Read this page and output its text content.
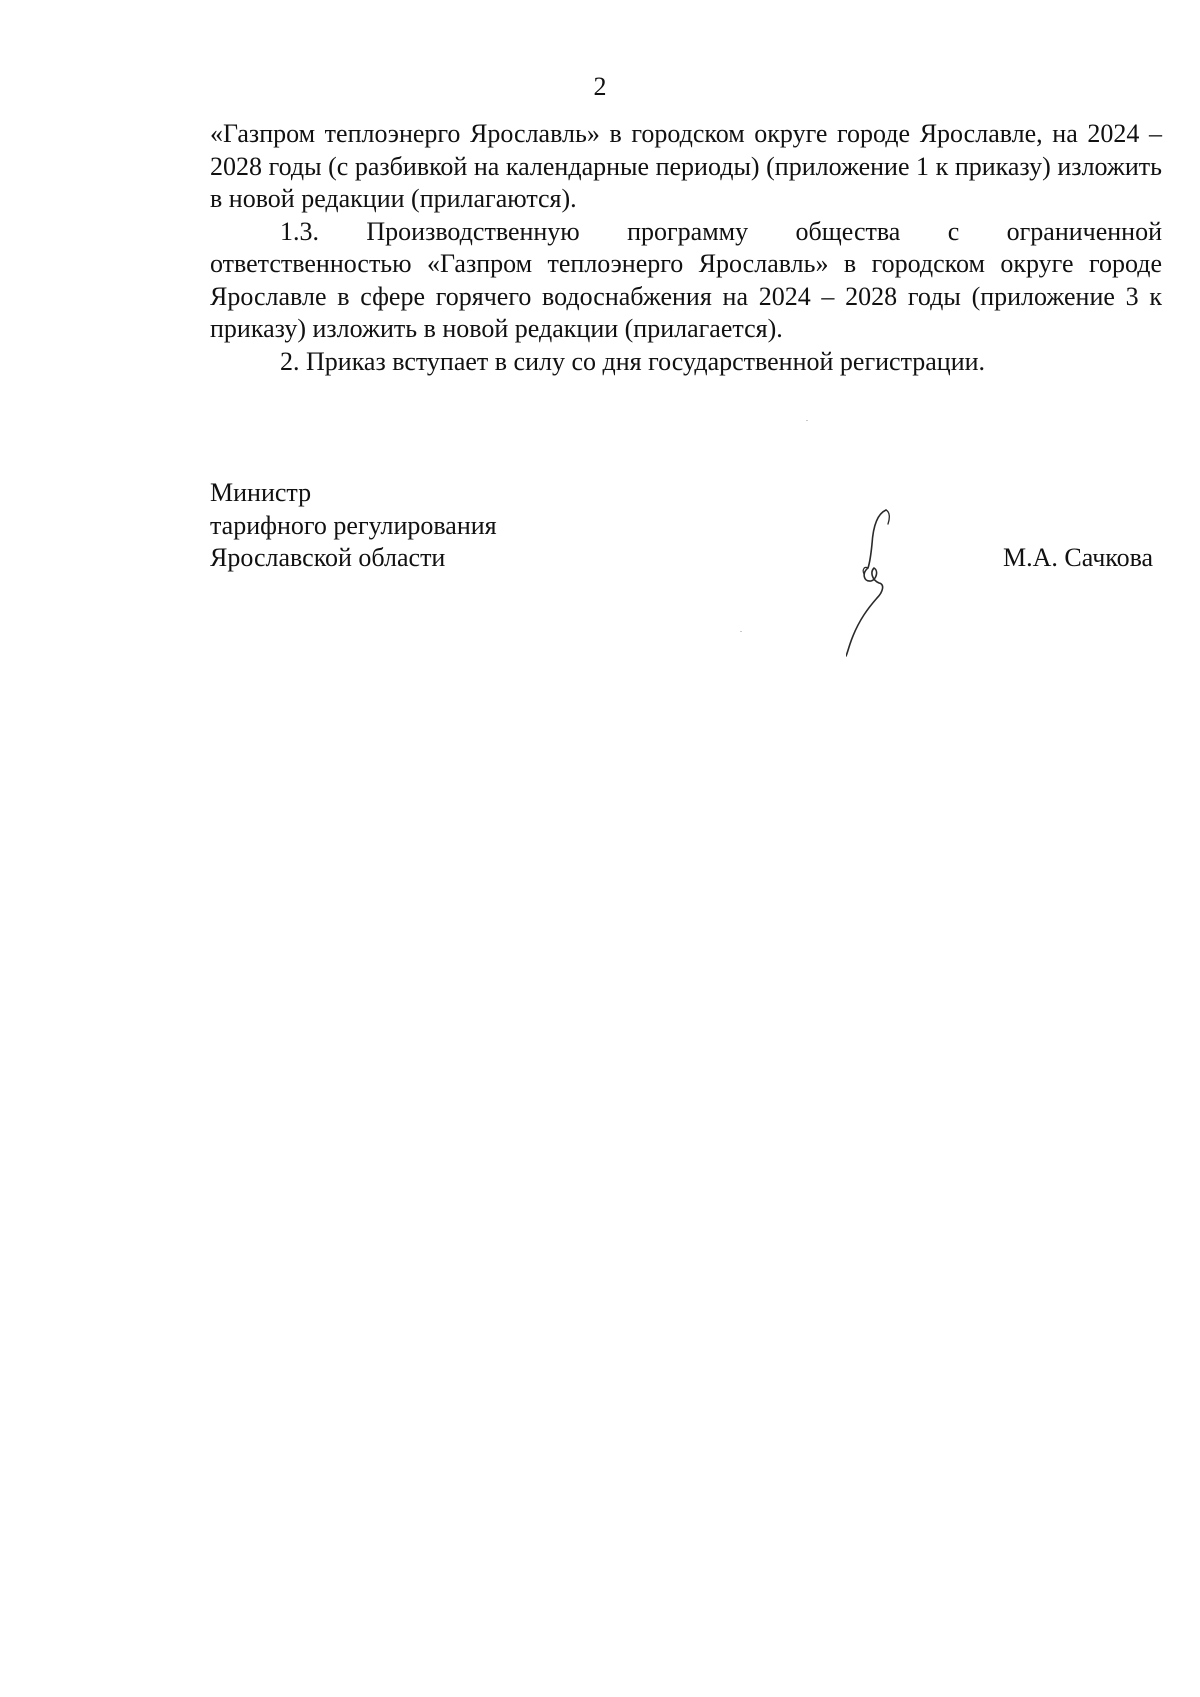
2

«Газпром теплоэнерго Ярославль» в городском округе городе Ярославле, на 2024 – 2028 годы (с разбивкой на календарные периоды) (приложение 1 к приказу) изложить в новой редакции (прилагаются).

1.3. Производственную программу общества с ограниченной ответственностью «Газпром теплоэнерго Ярославль» в городском округе городе Ярославле в сфере горячего водоснабжения на 2024 – 2028 годы (приложение 3 к приказу) изложить в новой редакции (прилагается).

2. Приказ вступает в силу со дня государственной регистрации.

Министр
тарифного регулирования
Ярославской области	М.А. Сачкова
